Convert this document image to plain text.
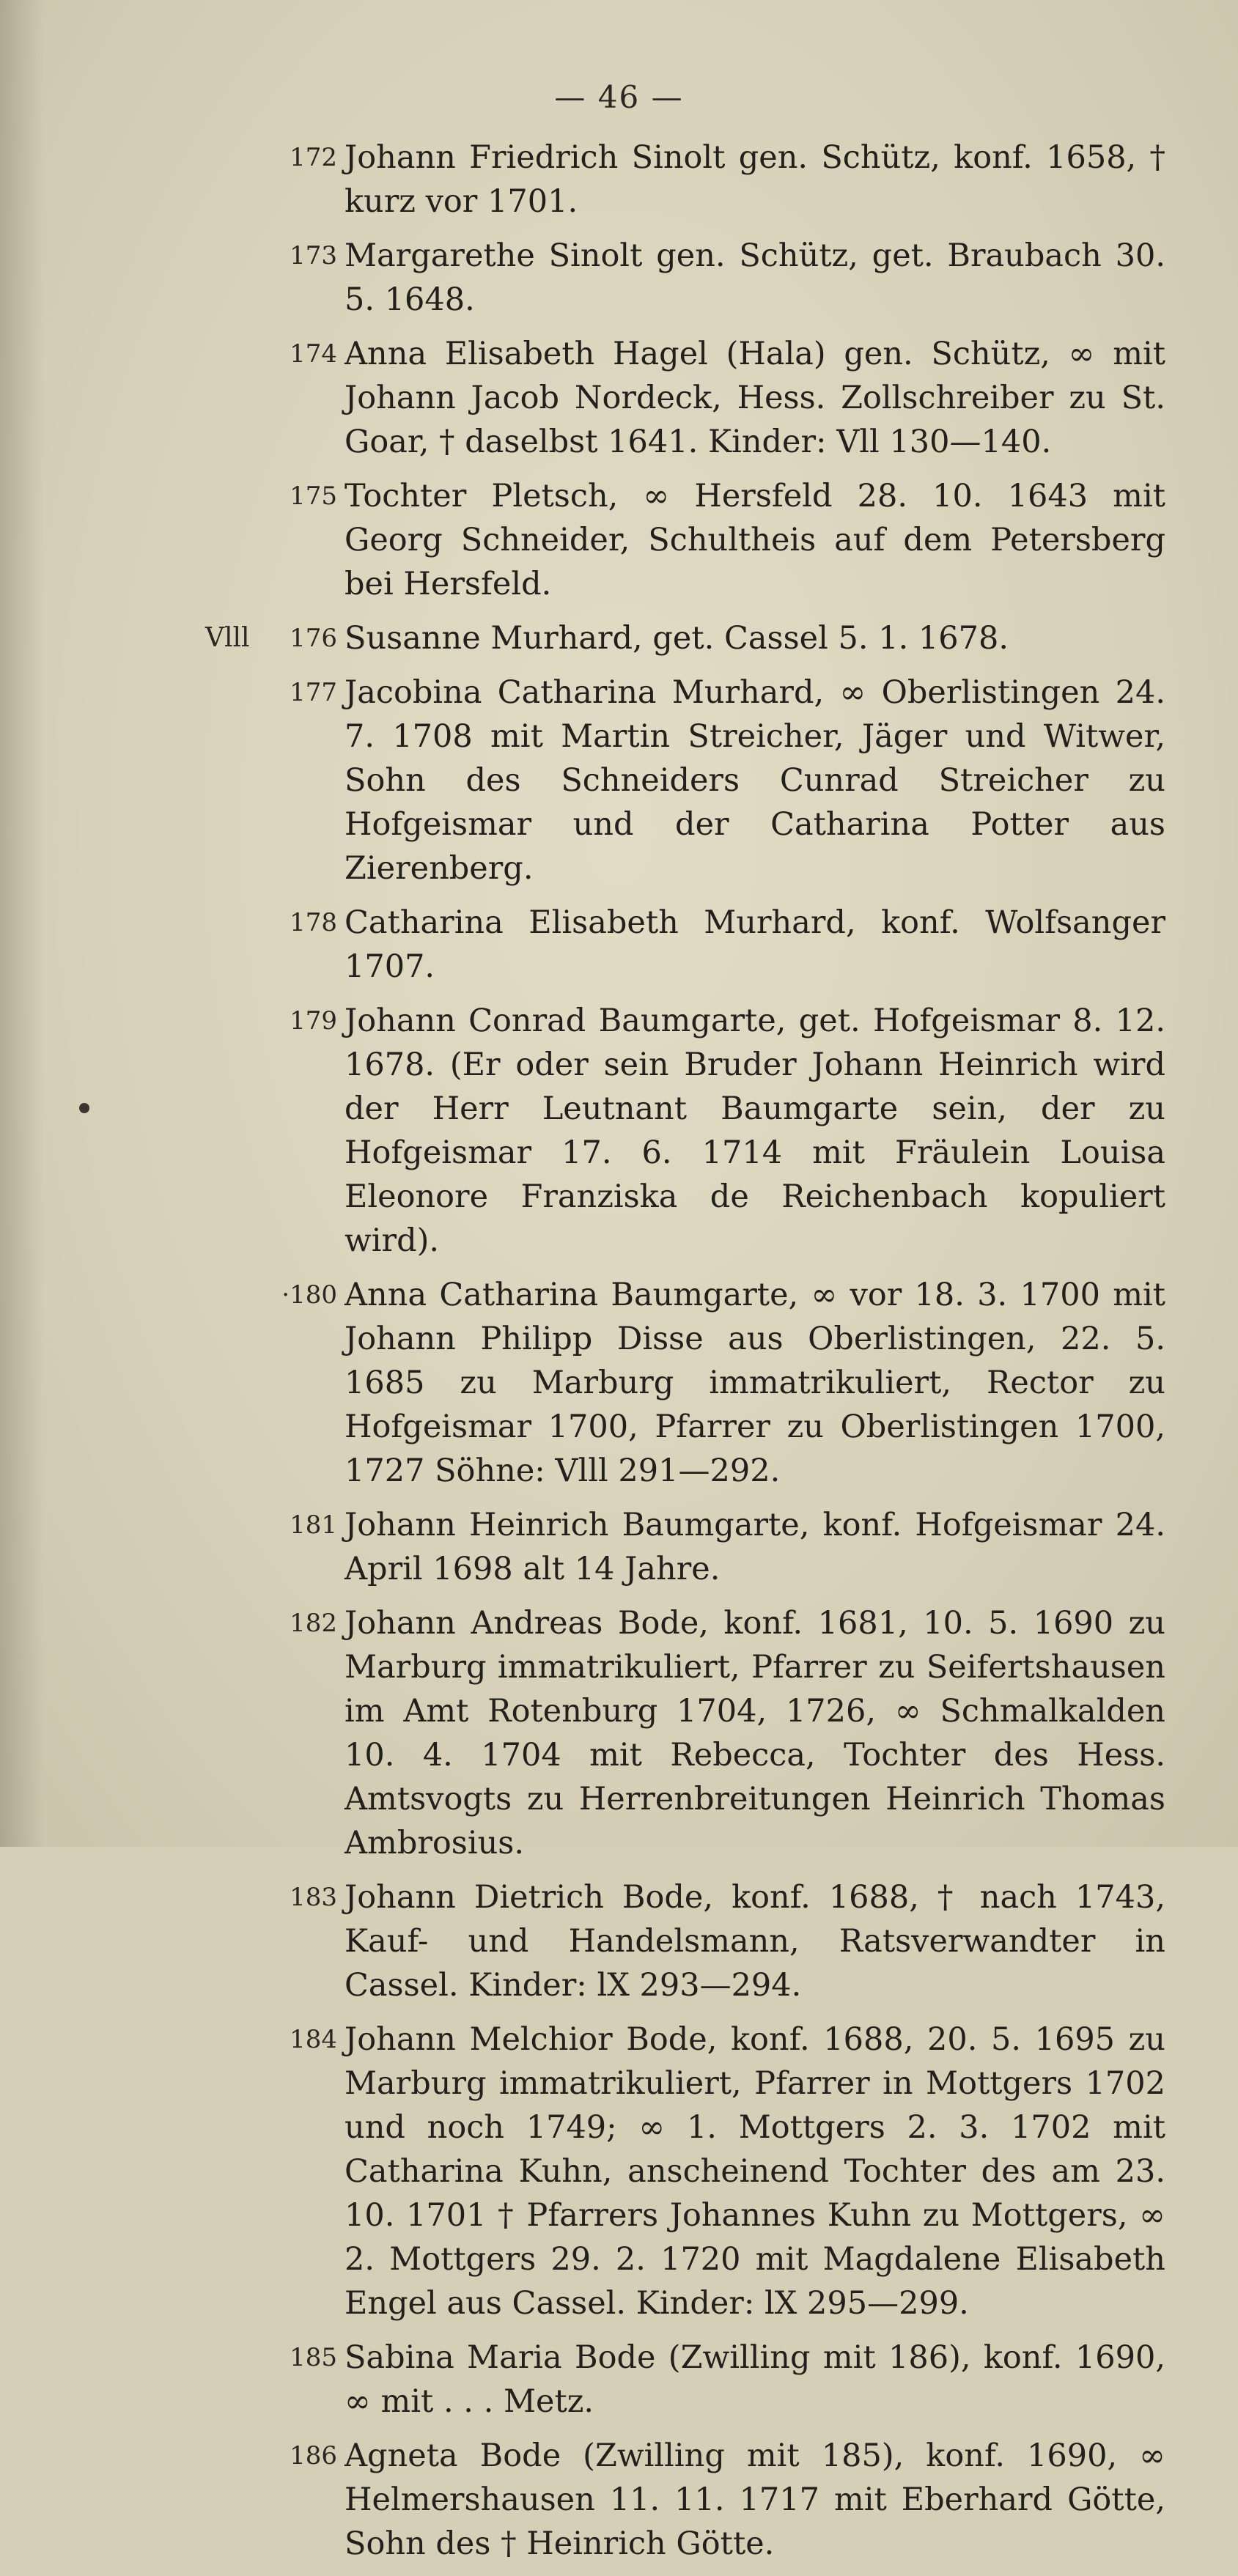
— 46 —
172 Johann Friedrich Sinolt gen. Schütz, konf. 1658, † kurz vor 1701.
173 Margarethe Sinolt gen. Schütz, get. Braubach 30. 5. 1648.
174 Anna Elisabeth Hagel (Hala) gen. Schütz, ∞ mit Johann Jacob Nordeck, Hess. Zollschreiber zu St. Goar, † daselbst 1641. Kinder: Vll 130—140.
175 Tochter Pletsch, ∞ Hersfeld 28. 10. 1643 mit Georg Schneider, Schultheis auf dem Petersberg bei Hersfeld.
Vlll	176 Susanne Murhard, get. Cassel 5. 1. 1678.
177 Jacobina Catharina Murhard, ∞ Oberlistingen 24. 7. 1708 mit Martin Streicher, Jäger und Witwer, Sohn des Schneiders Cunrad Streicher zu Hofgeismar und der Catharina Potter aus Zierenberg.
178 Catharina Elisabeth Murhard, konf. Wolfsanger 1707.
179 Johann Conrad Baumgarte, get. Hofgeismar 8. 12. 1678. (Er oder sein Bruder Johann Heinrich wird der Herr Leutnant Baumgarte sein, der zu Hofgeismar 17. 6. 1714 mit Fräulein Louisa Eleonore Franziska de Reichenbach kopuliert wird).
·180 Anna Catharina Baumgarte, ∞ vor 18. 3. 1700 mit Johann Philipp Disse aus Oberlistingen, 22. 5. 1685 zu Marburg immatrikuliert, Rector zu Hofgeismar 1700, Pfarrer zu Oberlistingen 1700, 1727 Söhne: Vlll 291—292.
181 Johann Heinrich Baumgarte, konf. Hofgeismar 24. April 1698 alt 14 Jahre.
182 Johann Andreas Bode, konf. 1681, 10. 5. 1690 zu Marburg immatrikuliert, Pfarrer zu Seifertshausen im Amt Rotenburg 1704, 1726, ∞ Schmalkalden 10. 4. 1704 mit Rebecca, Tochter des Hess. Amtsvogts zu Herrenbreitungen Heinrich Thomas Ambrosius.
183 Johann Dietrich Bode, konf. 1688, † nach 1743, Kauf- und Handelsmann, Ratsverwandter in Cassel. Kinder: lX 293—294.
184 Johann Melchior Bode, konf. 1688, 20. 5. 1695 zu Marburg immatrikuliert, Pfarrer in Mottgers 1702 und noch 1749; ∞ 1. Mottgers 2. 3. 1702 mit Catharina Kuhn, anscheinend Tochter des am 23. 10. 1701 † Pfarrers Johannes Kuhn zu Mottgers, ∞ 2. Mottgers 29. 2. 1720 mit Magdalene Elisabeth Engel aus Cassel. Kinder: lX 295—299.
185 Sabina Maria Bode (Zwilling mit 186), konf. 1690, ∞ mit . . . Metz.
186 Agneta Bode (Zwilling mit 185), konf. 1690, ∞ Helmershausen 11. 11. 1717 mit Eberhard Götte, Sohn des † Heinrich Götte.
